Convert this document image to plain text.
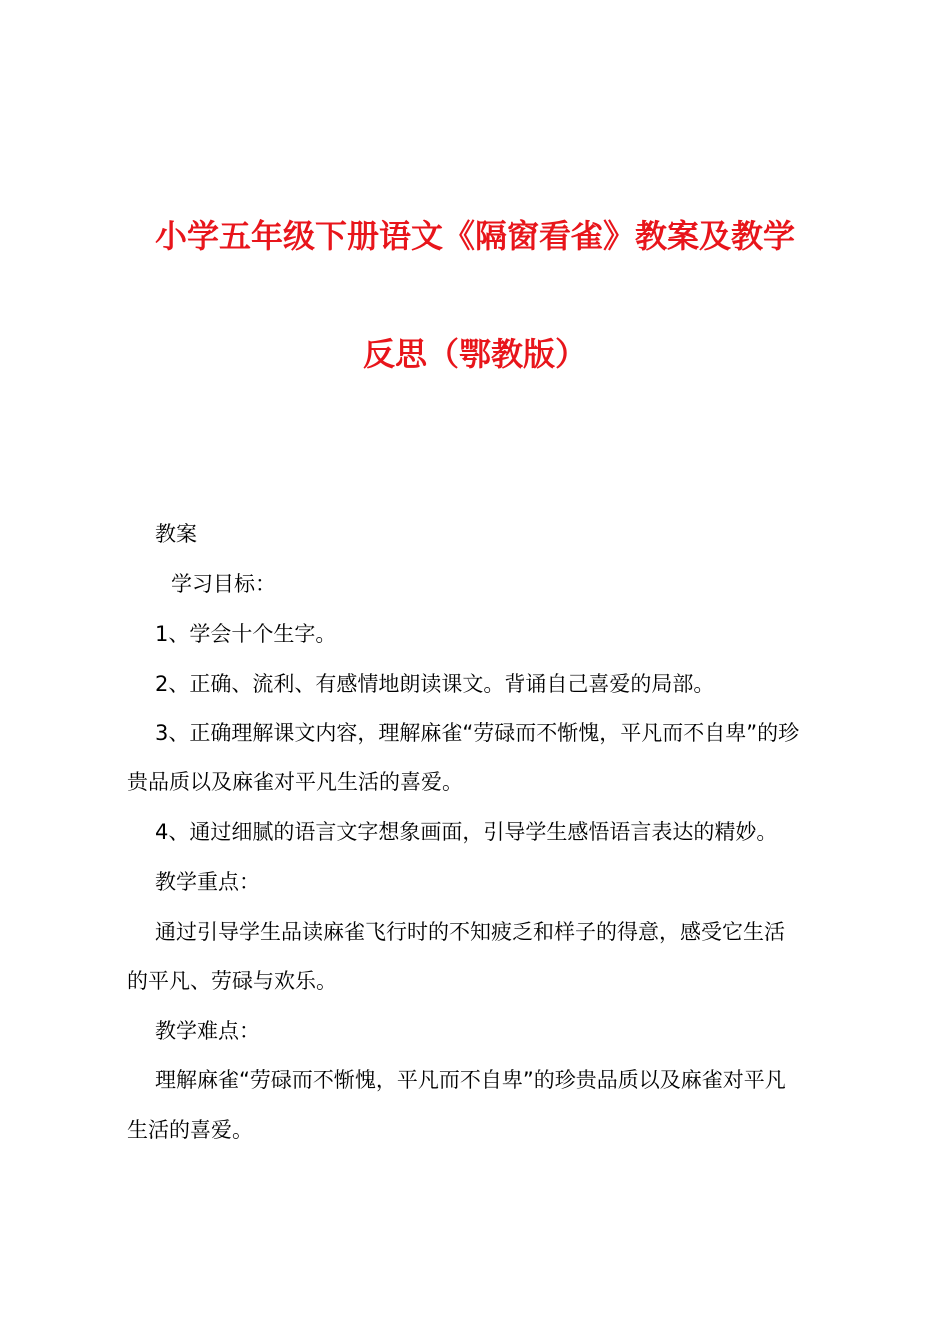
小学五年级下册语文《隔窗看雀》教案及教学
反思（鄂教版）
教案
学习目标：
1、学会十个生字。
2、正确、流利、有感情地朗读课文。背诵自己喜爱的局部。
3、正确理解课文内容，理解麻雀“劳碌而不惭愧，平凡而不自卑”的珍
贵品质以及麻雀对平凡生活的喜爱。
4、通过细腻的语言文字想象画面，引导学生感悟语言表达的精妙。
教学重点：
通过引导学生品读麻雀飞行时的不知疲乏和样子的得意，感受它生活
的平凡、劳碌与欢乐。
教学难点：
理解麻雀“劳碌而不惭愧，平凡而不自卑”的珍贵品质以及麻雀对平凡
生活的喜爱。
